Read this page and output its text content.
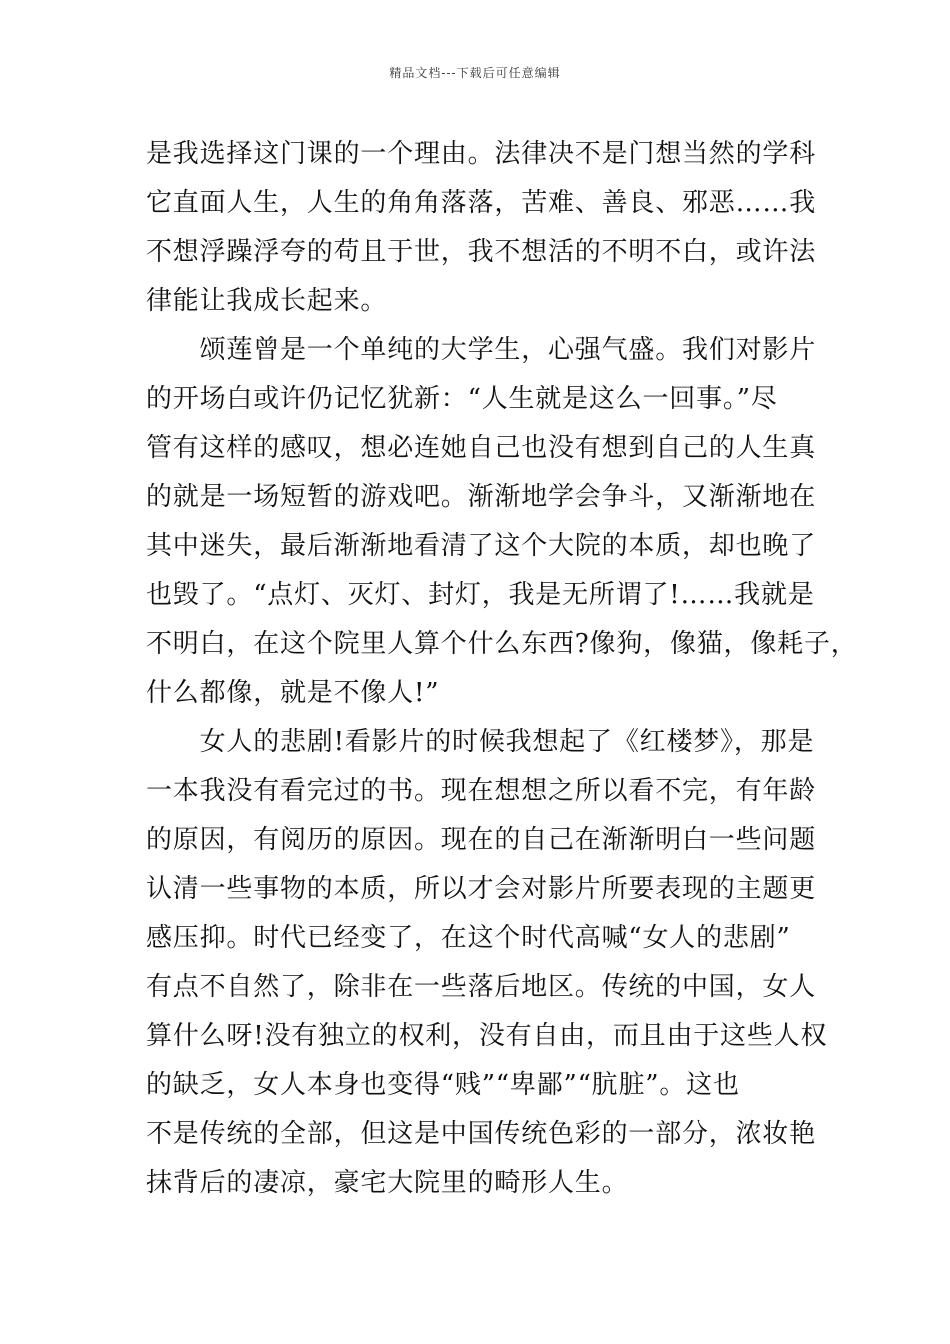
精品文档---下载后可任意编辑
是我选择这门课的一个理由。法律决不是门想当然的学科
它直面人生，人生的角角落落，苦难、善良、邪恶……我
不想浮躁浮夸的苟且于世，我不想活的不明不白，或许法
律能让我成长起来。
　　颂莲曾是一个单纯的大学生，心强气盛。我们对影片
的开场白或许仍记忆犹新：“人生就是这么一回事。”尽
管有这样的感叹，想必连她自己也没有想到自己的人生真
的就是一场短暂的游戏吧。渐渐地学会争斗，又渐渐地在
其中迷失，最后渐渐地看清了这个大院的本质，却也晚了
也毁了。“点灯、灭灯、封灯，我是无所谓了!……我就是
不明白，在这个院里人算个什么东西?像狗，像猫，像耗子，
什么都像，就是不像人!”
　　女人的悲剧!看影片的时候我想起了《红楼梦》，那是
一本我没有看完过的书。现在想想之所以看不完，有年龄
的原因，有阅历的原因。现在的自己在渐渐明白一些问题
认清一些事物的本质，所以才会对影片所要表现的主题更
感压抑。时代已经变了，在这个时代高喊“女人的悲剧”
有点不自然了，除非在一些落后地区。传统的中国，女人
算什么呀!没有独立的权利，没有自由，而且由于这些人权
的缺乏，女人本身也变得“贱”“卑鄙”“肮脏”。这也
不是传统的全部，但这是中国传统色彩的一部分，浓妆艳
抹背后的凄凉，豪宅大院里的畸形人生。
